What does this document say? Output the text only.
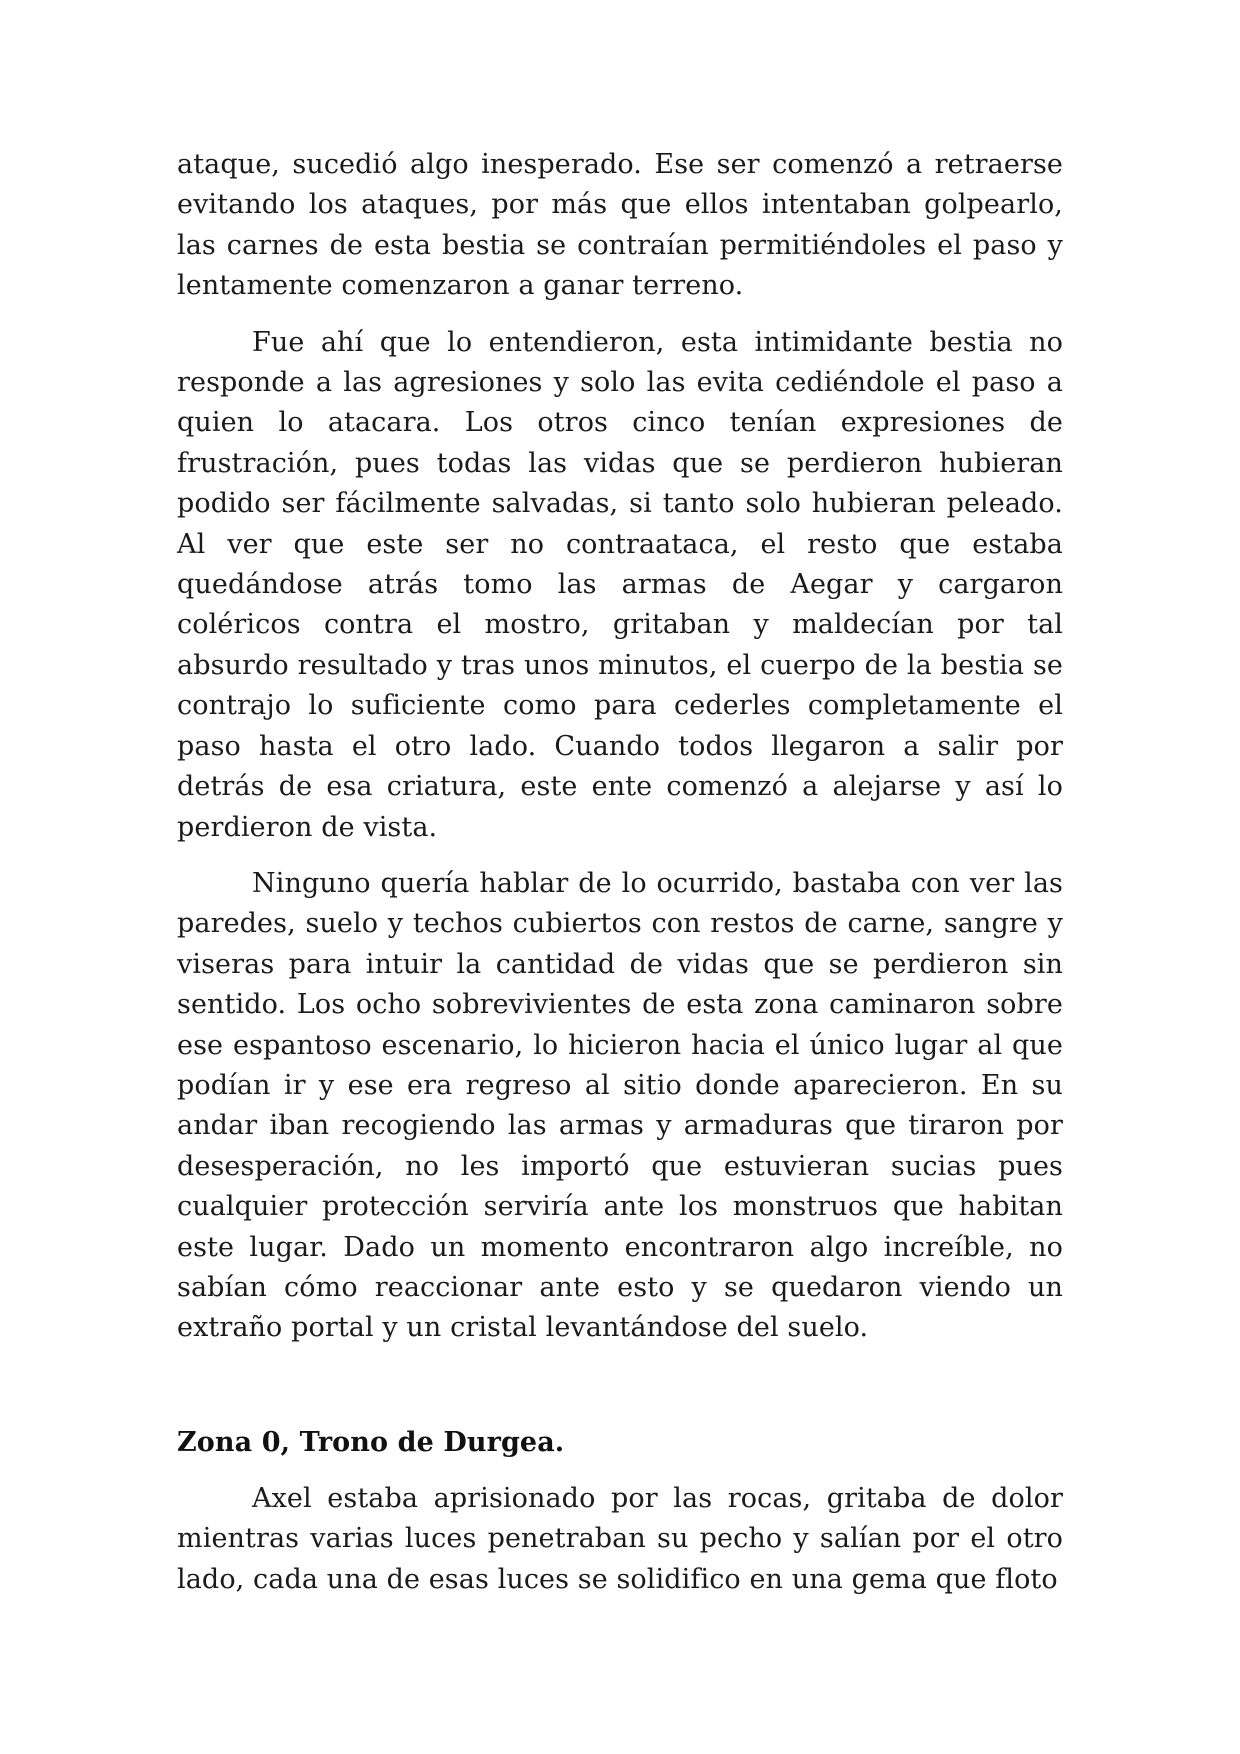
ataque, sucedió algo inesperado. Ese ser comenzó a retraerse evitando los ataques, por más que ellos intentaban golpearlo, las carnes de esta bestia se contraían permitiéndoles el paso y lentamente comenzaron a ganar terreno.

Fue ahí que lo entendieron, esta intimidante bestia no responde a las agresiones y solo las evita cediéndole el paso a quien lo atacara. Los otros cinco tenían expresiones de frustración, pues todas las vidas que se perdieron hubieran podido ser fácilmente salvadas, si tanto solo hubieran peleado. Al ver que este ser no contraataca, el resto que estaba quedándose atrás tomo las armas de Aegar y cargaron coléricos contra el mostro, gritaban y maldecían por tal absurdo resultado y tras unos minutos, el cuerpo de la bestia se contrajo lo suficiente como para cederles completamente el paso hasta el otro lado. Cuando todos llegaron a salir por detrás de esa criatura, este ente comenzó a alejarse y así lo perdieron de vista.

Ninguno quería hablar de lo ocurrido, bastaba con ver las paredes, suelo y techos cubiertos con restos de carne, sangre y viseras para intuir la cantidad de vidas que se perdieron sin sentido. Los ocho sobrevivientes de esta zona caminaron sobre ese espantoso escenario, lo hicieron hacia el único lugar al que podían ir y ese era regreso al sitio donde aparecieron. En su andar iban recogiendo las armas y armaduras que tiraron por desesperación, no les importó que estuvieran sucias pues cualquier protección serviría ante los monstruos que habitan este lugar. Dado un momento encontraron algo increíble, no sabían cómo reaccionar ante esto y se quedaron viendo un extraño portal y un cristal levantándose del suelo.

Zona 0, Trono de Durgea.

Axel estaba aprisionado por las rocas, gritaba de dolor mientras varias luces penetraban su pecho y salían por el otro lado, cada una de esas luces se solidifico en una gema que floto
